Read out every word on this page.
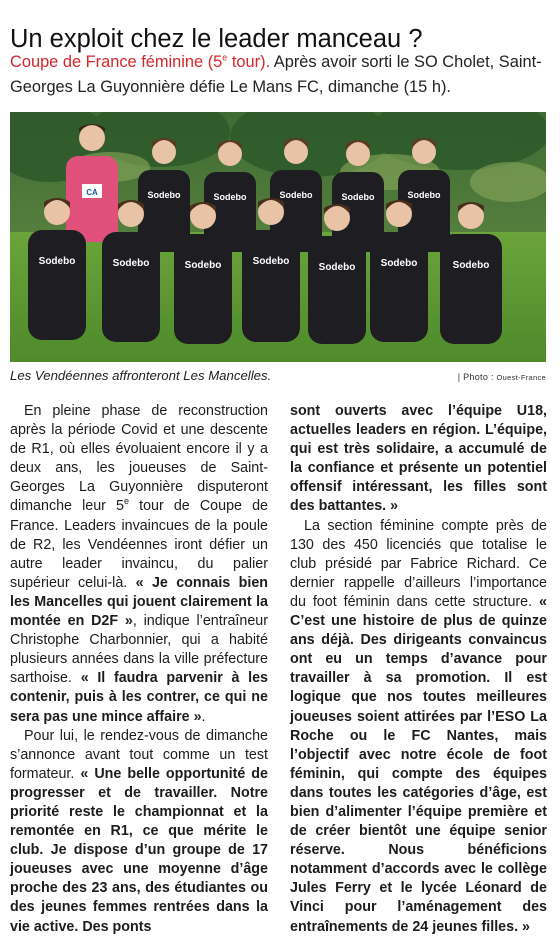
Un exploit chez le leader manceau ?
Coupe de France féminine (5e tour). Après avoir sorti le SO Cholet, Saint-Georges La Guyonnière défie Le Mans FC, dimanche (15 h).
CA	Sodebo	Sodebo	Sodebo	Sodebo	Sodebo
Sodebo	Sodebo	Sodebo	Sodebo
Sodebo	Sodebo	Sodebo
Les Vendéennes affronteront Les Mancelles.	| Photo : Ouest-France

En pleine phase de reconstruction après la période Covid et une descente de R1, où elles évoluaient encore il y a deux ans, les joueuses de Saint-Georges La Guyonnière disputeront dimanche leur 5e tour de Coupe de France. Leaders invaincues de la poule de R2, les Vendéennes iront défier un autre leader invaincu, du palier supérieur celui-là. « Je connais bien les Mancelles qui jouent clairement la montée en D2F », indique l’entraîneur Christophe Charbonnier, qui a habité plusieurs années dans la ville préfecture sarthoise. « Il faudra parvenir à les contenir, puis à les contrer, ce qui ne sera pas une mince affaire ».

Pour lui, le rendez-vous de dimanche s’annonce avant tout comme un test formateur. « Une belle opportunité de progresser et de travailler. Notre priorité reste le championnat et la remontée en R1, ce que mérite le club. Je dispose d’un groupe de 17 joueuses avec une moyenne d’âge proche des 23 ans, des étudiantes ou des jeunes femmes rentrées dans la vie active. Des ponts

sont ouverts avec l’équipe U18, actuelles leaders en région. L’équipe, qui est très solidaire, a accumulé de la confiance et présente un potentiel offensif intéressant, les filles sont des battantes. »

La section féminine compte près de 130 des 450 licenciés que totalise le club présidé par Fabrice Richard. Ce dernier rappelle d’ailleurs l’importance du foot féminin dans cette structure. « C’est une histoire de plus de quinze ans déjà. Des dirigeants convaincus ont eu un temps d’avance pour travailler à sa promotion. Il est logique que nos toutes meilleures joueuses soient attirées par l’ESO La Roche ou le FC Nantes, mais l’objectif avec notre école de foot féminin, qui compte des équipes dans toutes les catégories d’âge, est bien d’alimenter l’équipe première et de créer bientôt une équipe senior réserve. Nous bénéficions notamment d’accords avec le collège Jules Ferry et le lycée Léonard de Vinci pour l’aménagement des entraînements de 24 jeunes filles. »
